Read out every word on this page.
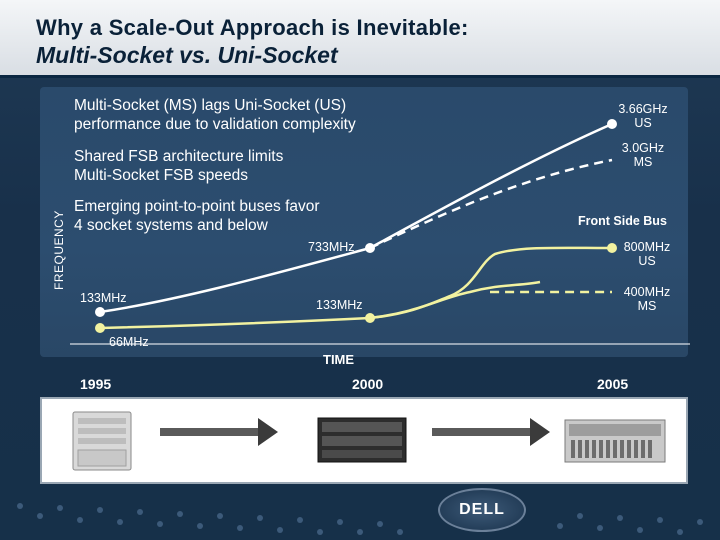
Why a Scale-Out Approach is Inevitable:
Multi-Socket vs. Uni-Socket
Multi-Socket (MS) lags Uni-Socket (US)
performance due to validation complexity
Shared FSB architecture limits
Multi-Socket FSB speeds
Emerging point-to-point buses favor
4 socket systems and below
3.66GHz
US
3.0GHz
MS
Front Side Bus
800MHz
US
400MHz
MS
733MHz
133MHz	133MHz
66MHz
FREQUENCY
TIME
1995	2000	2005
DELL
